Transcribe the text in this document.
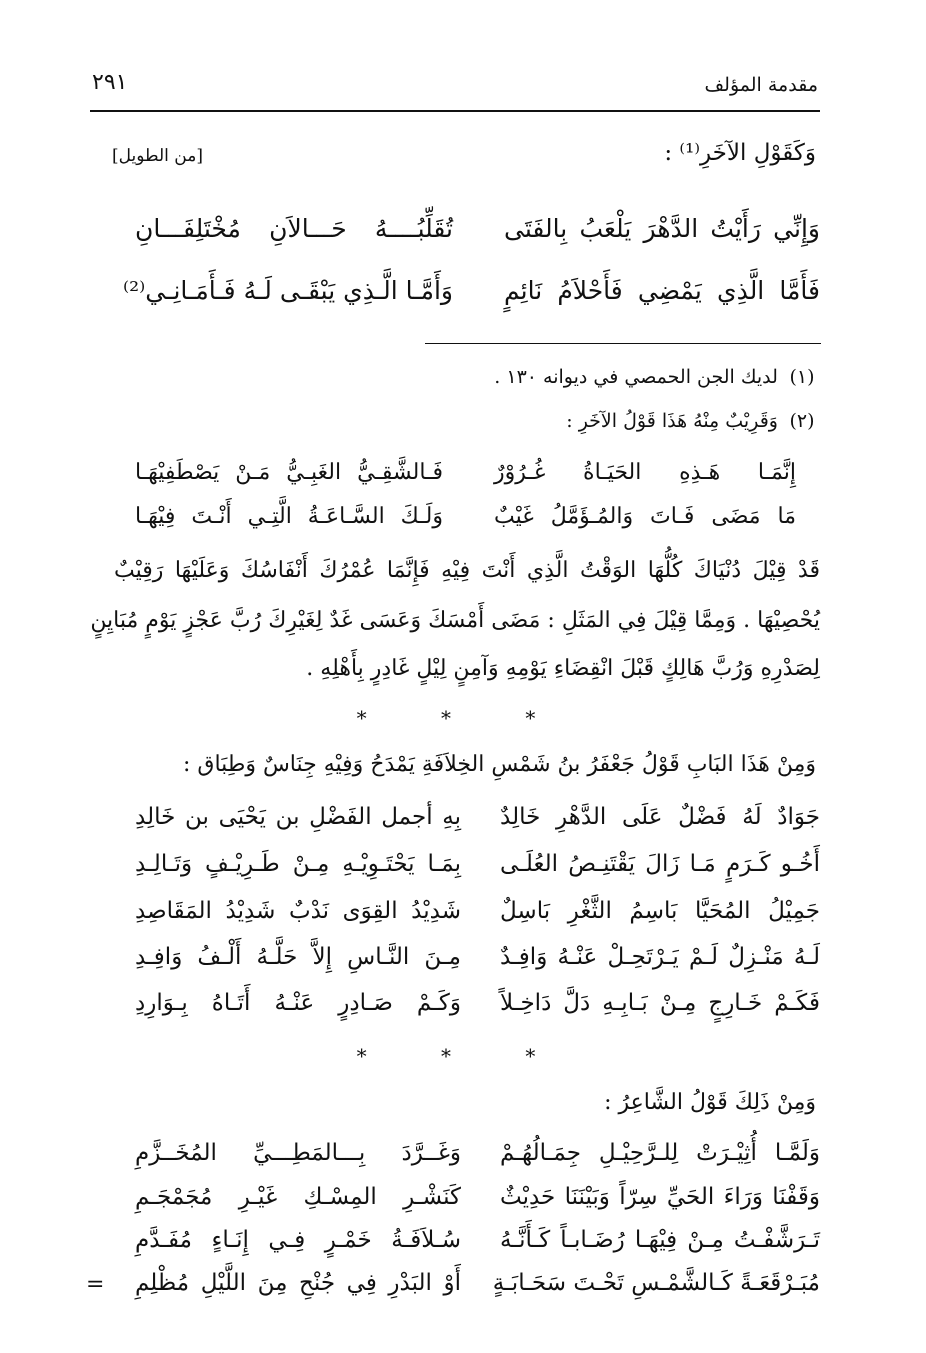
مقدمة المؤلف
٢٩١
وَكَقَوْلِ الآخَرِ⁽¹⁾ :
[من الطويل]
وَإِنِّي رَأَيْتُ الدَّهْرَ يَلْعَبُ بِالفَتَى
تُقَلِّبُــــهُ حَـــالاَنِ مُخْتَلِفَـــانِ
فَأَمَّا الَّذِي يَمْضِي فَأَحْلاَمُ نَائِمٍ
وَأَمَّـا الَّـذِي يَبْقَـى لَـهُ فَـأَمَـانِـي⁽²⁾
(١) لديك الجن الحمصي في ديوانه ١٣٠ .
(٢) وَقَرِيْبٌ مِنْهُ هَذَا قَوْلُ الآخَرِ :
إِنَّمَـا هَـذِهِ الحَيَـاةُ غُـرُوْرٌ
فَـالشَّقِـيُّ الغَبِـيُّ مَـنْ يَصْطَفِيْهَـا
مَا مَضَى فَـاتَ وَالمُـؤَمَّلُ غَيْبٌ
وَلَـكَ السَّـاعَـةُ الَّتِـي أَنْـتَ فِيْهَـا
قَدْ قِيْلَ دُنْيَاكَ كُلُّهَا الوَقْتُ الَّذِي أَنْتَ فِيْهِ فَإِنَّمَا عُمْرُكَ أَنْفَاسُكَ وَعَلَيْهَا رَقِيْبٌ
يُحْصِيْهَا . وَمِمَّا قِيْلَ فِي المَثَلِ : مَضَى أَمْسَكَ وَعَسَى غَدٌ لِغَيْرِكَ رُبَّ عَجْزٍ يَوْمٍ مُبَايِنٍ
لِصَدْرِهِ وَرُبَّ هَالِكٍ قَبْلَ انْقِضَاءِ يَوْمِهِ وَآمِنٍ لِيْلٍ غَادِرٍ بِأَهْلِهِ .
* * *
وَمِنْ هَذَا البَابِ قَوْلُ جَعْفَرُ بنُ شَمْسِ الخِلاَفَةِ يَمْدَحُ وَفِيْهِ جِنَاسٌ وَطِبَاق :
جَوَادٌ لَهُ فَضْلٌ عَلَى الدَّهْرِ خَالِدٌ
بِهِ أجمل الفَضْلِ بن يَحْيَى بن خَالِدِ
أَخُـو كَـرَمٍ مَـا زَالَ يَقْتَنِـصُ العُلَـى
بِمَـا يَحْتَـوِيْـهِ مِـنْ طَـرِيْـفٍ وَتَـالِـدِ
جَمِيْلُ المُحَيَّا بَاسِمُ الثَّغْرِ بَاسِلٌ
شَدِيْدُ القِوَى نَدْبٌ شَدِيْدُ المَقَاصِدِ
لَـهُ مَنْـزِلٌ لَـمْ يَـرْتَحِـلْ عَنْـهُ وَافِـدٌ
مِـنَ النَّـاسِ إِلاَّ حَلَّـهُ أَلْـفُ وَافِـدِ
فَكَـمْ خَـارِجٍ مِـنْ بَـابِـهِ دَلَّ دَاخِـلاً
وَكَـمْ صَـادِرٍ عَنْـهُ أَتَـاهُ بِـوَارِدِ
* * *
وَمِنْ ذَلِكَ قَوْلُ الشَّاعِرُ :
وَلَمَّـا أُثِيْـرَتْ لِلـرَّحِيْـلِ جِمَـالُهُـمْ
وَغَــرَّدَ بِـــالمَطِـــيِّ المُخَــزَّمِ
وَقَفْنَا وَرَاءَ الحَيِّ سِرّاً وَبَيْنَنَا حَدِيْثٌ
كَنَشْـرِ المِسْـكِ غَيْـرِ مُجَمْجَـمِ
تَـرَشَّفْـتُ مِـنْ فِيْهَـا رُضَـابـاً كَـأَنَّـهُ
سُـلاَفَـةُ خَمْـرٍ فِـي إِنَـاءٍ مُفَـدَّمِ
مُبَـرْقَعَـةً كَـالشَّمْـسِ تَحْـتَ سَحَـابَـةٍ
أَوْ البَدْرِ فِي جُنْحِ مِنَ اللَّيْلِ مُظْلِمِ
=
